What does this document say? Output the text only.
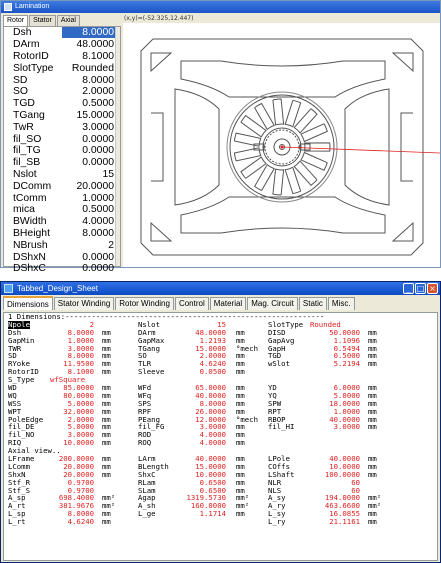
Lamination
Rotor	Stator	Axial	(x,y)=(-52.325,12.447)
Dsh	8.0000
DArm	48.0000
RotorID	8.1000
SlotType	Rounded
SD	8.0000
SO	2.0000
TGD	0.5000
TGang	15.0000
TwR	3.0000
fil_SO	0.0000
fil_TG	0.0000
fil_SB	0.0000
Nslot	15
DComm	20.0000
tComm	1.0000
mica	0.5000
BWidth	4.0000
BHeight	8.0000
NBrush	2
DShxN	0.0000
DShxC	0.0000
Tabbed_Design_Sheet	_ □ ×
Dimensions	Stator Winding	Rotor Winding	Control	Material	Mag. Circuit	Static	Misc.
1 Dimensions:-----------------------------------------------------------
Npole	2	Nslot	15	SlotType Rounded
Dsh	8.0000 mm	DArm	48.0000 mm	DISD	50.0000 mm
GapMin	1.0000 mm	GapMax	1.2193 mm	GapAvg	1.1096 mm
TWR	3.0000 mm	TGang	15.0000 °mech GapH	0.5494 mm
SD	8.0000 mm	SO	2.0000 mm	TGD	0.5000 mm
RYoke	11.9500 mm	TLR	4.6240 mm	wSlot	5.2194 mm
RotorID	8.1000 mm	Sleeve	0.0500 mm
S_Type wfSquare
WD	85.0000 mm	WFd	65.0000 mm	YD	6.0000 mm
WQ	80.0000 mm	WFq	40.0000 mm	YQ	5.0000 mm
WSS	5.0000 mm	SPS	8.0000 mm	SPW	18.0000 mm
WPT	32.0000 mm	RPF	26.0000 mm	RPT	1.0000 mm
PoleEdge	2.0000 mm	PEang	12.0000 °mech RBOP	40.0000 mm
fil_DE	5.0000 mm	fil_FG	3.0000 mm	fil_HI	3.0000 mm
fil_NO	3.0000 mm	ROD	4.0000 mm
RIQ	10.0000 mm	ROQ	4.0000 mm
Axial view..
LFrame	200.0000 mm	LArm	40.0000 mm	LPole	40.0000 mm
LComm	20.0000 mm	BLength	15.0000 mm	COffs	10.0000 mm
ShxN	20.0000 mm	ShxC	10.0000 mm	LShaft	100.0000 mm
Stf_R	0.9700	RLam	0.6500 mm	NLR	60
Stf_S	0.9700	SLam	0.6500 mm	NLS	60
A_sp	698.4000 mm²	Agap	1319.5730 mm²	A_sy	194.0000 mm²
A_rt	381.9676 mm²	A_sh	160.0000 mm²	A_ry	463.6600 mm²
L_sp	8.0000 mm	L_ge	1.1714 mm	L_sy	16.0855 mm
L_rt	4.6240 mm	L_ry	21.1161 mm
